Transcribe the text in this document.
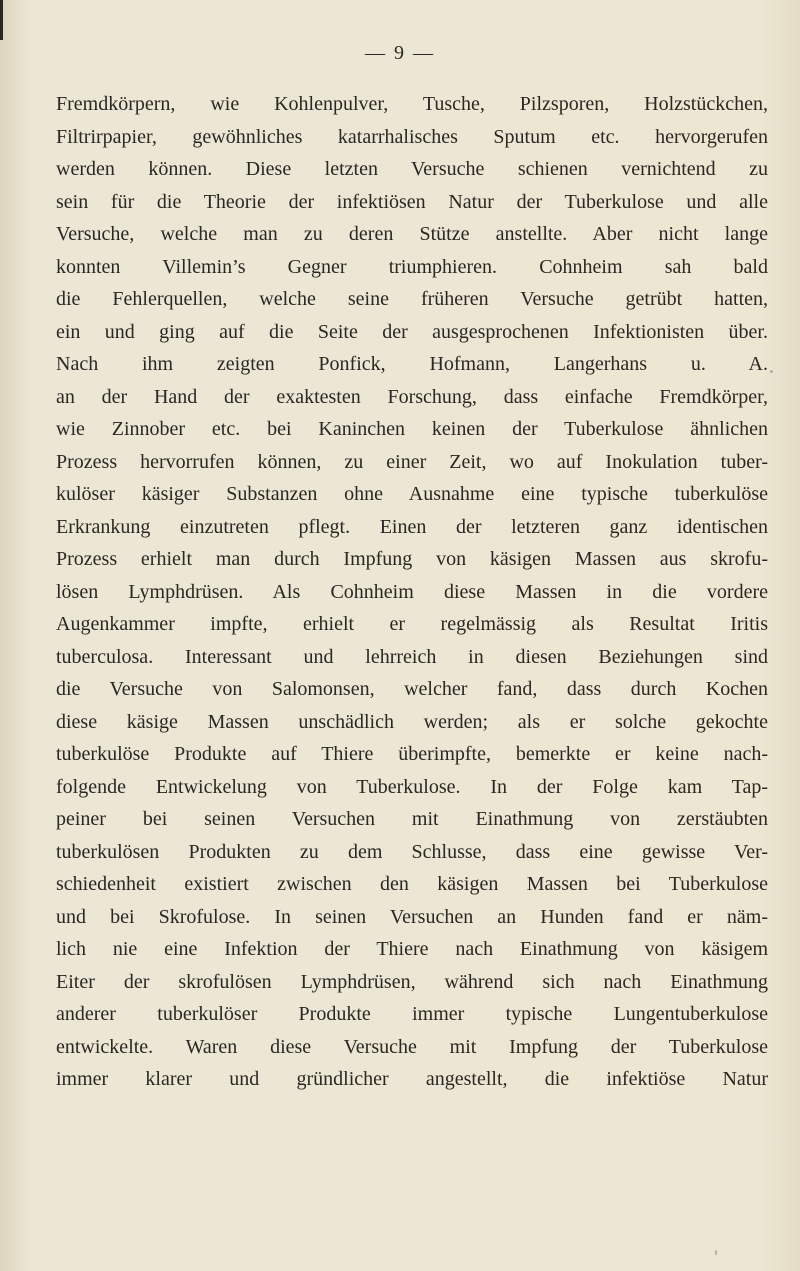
— 9 —
Fremdkörpern, wie Kohlenpulver, Tusche, Pilzsporen, Holzstückchen,
Filtrirpapier, gewöhnliches katarrhalisches Sputum etc. hervorgerufen
werden können. Diese letzten Versuche schienen vernichtend zu
sein für die Theorie der infektiösen Natur der Tuberkulose und alle
Versuche, welche man zu deren Stütze anstellte. Aber nicht lange
konnten Villemin’s Gegner triumphieren. Cohnheim sah bald
die Fehlerquellen, welche seine früheren Versuche getrübt hatten,
ein und ging auf die Seite der ausgesprochenen Infektionisten über.
Nach ihm zeigten Ponfick, Hofmann, Langerhans u. A.
an der Hand der exaktesten Forschung, dass einfache Fremdkörper,
wie Zinnober etc. bei Kaninchen keinen der Tuberkulose ähnlichen
Prozess hervorrufen können, zu einer Zeit, wo auf Inokulation tuber-
kulöser käsiger Substanzen ohne Ausnahme eine typische tuberkulöse
Erkrankung einzutreten pflegt. Einen der letzteren ganz identischen
Prozess erhielt man durch Impfung von käsigen Massen aus skrofu-
lösen Lymphdrüsen. Als Cohnheim diese Massen in die vordere
Augenkammer impfte, erhielt er regelmässig als Resultat Iritis
tuberculosa. Interessant und lehrreich in diesen Beziehungen sind
die Versuche von Salomonsen, welcher fand, dass durch Kochen
diese käsige Massen unschädlich werden; als er solche gekochte
tuberkulöse Produkte auf Thiere überimpfte, bemerkte er keine nach-
folgende Entwickelung von Tuberkulose. In der Folge kam Tap-
peiner bei seinen Versuchen mit Einathmung von zerstäubten
tuberkulösen Produkten zu dem Schlusse, dass eine gewisse Ver-
schiedenheit existiert zwischen den käsigen Massen bei Tuberkulose
und bei Skrofulose. In seinen Versuchen an Hunden fand er näm-
lich nie eine Infektion der Thiere nach Einathmung von käsigem
Eiter der skrofulösen Lymphdrüsen, während sich nach Einathmung
anderer tuberkulöser Produkte immer typische Lungentuberkulose
entwickelte. Waren diese Versuche mit Impfung der Tuberkulose
immer klarer und gründlicher angestellt, die infektiöse Natur
